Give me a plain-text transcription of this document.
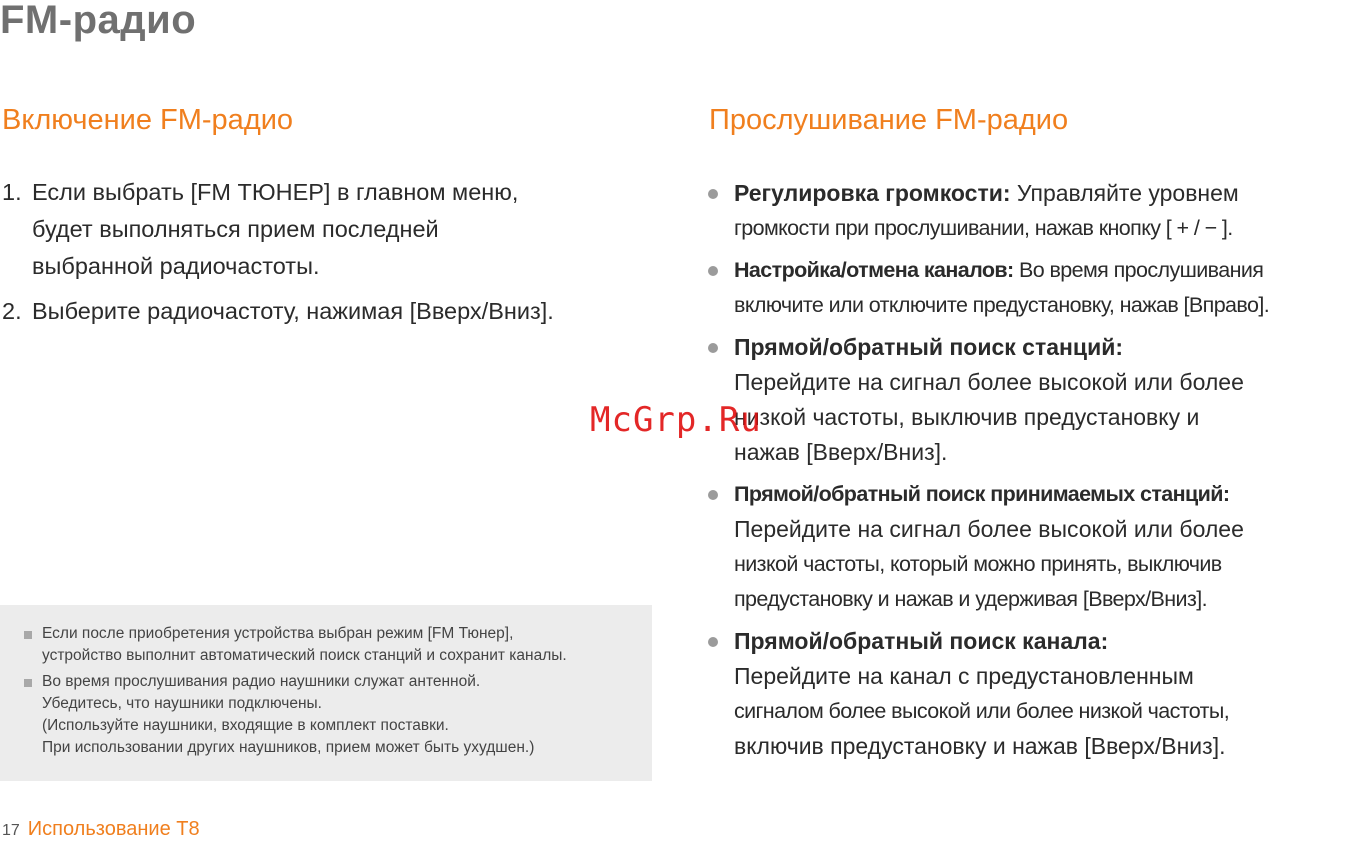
FM-радио
Включение FM-радио
1. Если выбрать [FM ТЮНЕР] в главном меню,
будет выполняться прием последней
выбранной радиочастоты.
2. Выберите радиочастоту, нажимая [Вверх/Вниз].
Если после приобретения устройства выбран режим [FM Тюнер],
устройство выполнит автоматический поиск станций и сохранит каналы.
Во время прослушивания радио наушники служат антенной.
Убедитесь, что наушники подключены.
(Используйте наушники, входящие в комплект поставки.
При использовании других наушников, прием может быть ухудшен.)
Прослушивание FM-радио
Регулировка громкости: Управляйте уровнем
громкости при прослушивании, нажав кнопку [ + / − ].
Настройка/отмена каналов: Во время прослушивания
включите или отключите предустановку, нажав [Вправо].
Прямой/обратный поиск станций:
Перейдите на сигнал более высокой или более
низкой частоты, выключив предустановку и
нажав [Вверх/Вниз].
Прямой/обратный поиск принимаемых станций:
Перейдите на сигнал более высокой или более
низкой частоты, который можно принять, выключив
предустановку и нажав и удерживая [Вверх/Вниз].
Прямой/обратный поиск канала:
Перейдите на канал с предустановленным
сигналом более высокой или более низкой частоты,
включив предустановку и нажав [Вверх/Вниз].
McGrp.Ru
17 Использование T8
